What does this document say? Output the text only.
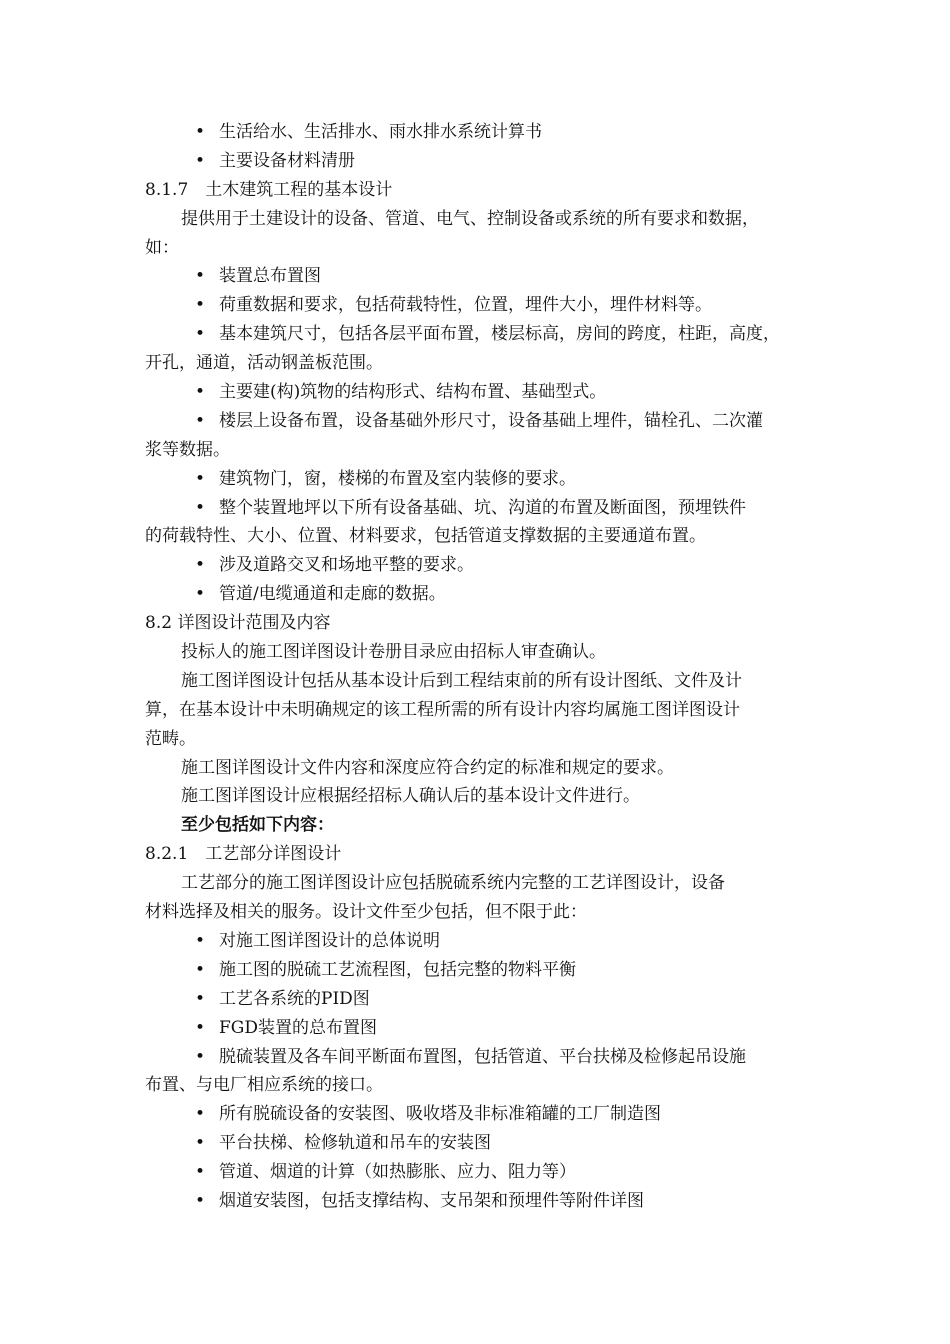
• 生活给水、生活排水、雨水排水系统计算书
• 主要设备材料清册
8.1.7　土木建筑工程的基本设计
提供用于土建设计的设备、管道、电气、控制设备或系统的所有要求和数据，
如：
• 装置总布置图
• 荷重数据和要求，包括荷载特性，位置，埋件大小，埋件材料等。
• 基本建筑尺寸，包括各层平面布置，楼层标高，房间的跨度，柱距，高度，
开孔，通道，活动钢盖板范围。
• 主要建(构)筑物的结构形式、结构布置、基础型式。
• 楼层上设备布置，设备基础外形尺寸，设备基础上埋件，锚栓孔、二次灌
浆等数据。
• 建筑物门，窗，楼梯的布置及室内装修的要求。
• 整个装置地坪以下所有设备基础、坑、沟道的布置及断面图，预埋铁件
的荷载特性、大小、位置、材料要求，包括管道支撑数据的主要通道布置。
• 涉及道路交叉和场地平整的要求。
• 管道/电缆通道和走廊的数据。
8.2 详图设计范围及内容
投标人的施工图详图设计卷册目录应由招标人审查确认。
施工图详图设计包括从基本设计后到工程结束前的所有设计图纸、文件及计
算，在基本设计中未明确规定的该工程所需的所有设计内容均属施工图详图设计
范畴。
施工图详图设计文件内容和深度应符合约定的标准和规定的要求。
施工图详图设计应根据经招标人确认后的基本设计文件进行。
至少包括如下内容：
8.2.1　工艺部分详图设计
工艺部分的施工图详图设计应包括脱硫系统内完整的工艺详图设计，设备
材料选择及相关的服务。设计文件至少包括，但不限于此：
• 对施工图详图设计的总体说明
• 施工图的脱硫工艺流程图，包括完整的物料平衡
• 工艺各系统的PID图
• FGD装置的总布置图
• 脱硫装置及各车间平断面布置图，包括管道、平台扶梯及检修起吊设施
布置、与电厂相应系统的接口。
• 所有脱硫设备的安装图、吸收塔及非标准箱罐的工厂制造图
• 平台扶梯、检修轨道和吊车的安装图
• 管道、烟道的计算（如热膨胀、应力、阻力等）
• 烟道安装图，包括支撑结构、支吊架和预埋件等附件详图
